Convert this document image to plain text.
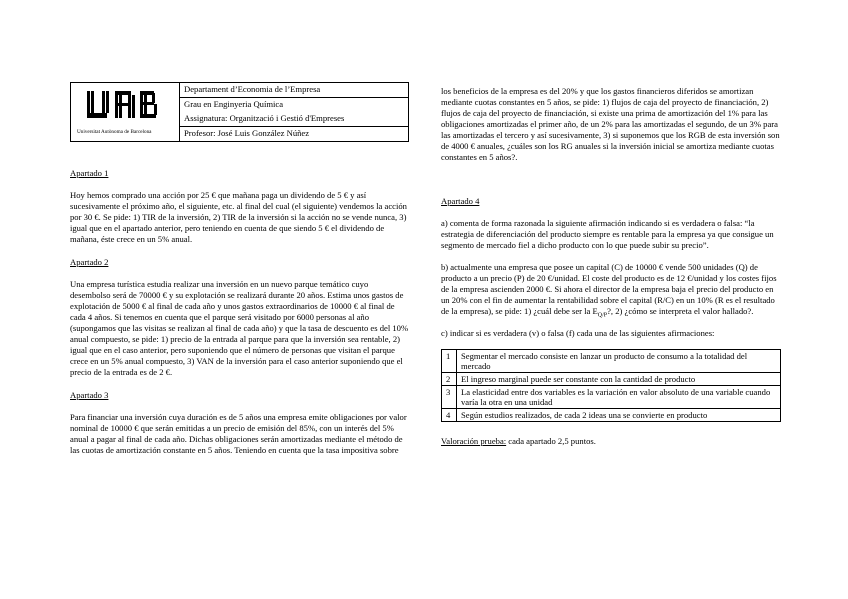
Universitat Autònoma de Barcelona
	Departament d’Economia de l’Empresa
Grau en Enginyeria Química
Assignatura: Organització i Gestió d'Empreses
Profesor: José Luis González Núñez

Apartado 1

Hoy hemos comprado una acción por 25 € que mañana paga un dividendo de 5 € y así sucesivamente el próximo año, el siguiente, etc. al final del cual (el siguiente) vendemos la acción por 30 €. Se pide: 1) TIR de la inversión, 2) TIR de la inversión si la acción no se vende nunca, 3) igual que en el apartado anterior, pero teniendo en cuenta de que siendo 5 € el dividendo de mañana, éste crece en un 5% anual.

Apartado 2

Una empresa turística estudia realizar una inversión en un nuevo parque temático cuyo desembolso será de 70000 € y su explotación se realizará durante 20 años. Estima unos gastos de explotación de 5000 € al final de cada año y unos gastos extraordinarios de 10000 € al final de cada 4 años. Si tenemos en cuenta que el parque será visitado por 6000 personas al año (supongamos que las visitas se realizan al final de cada año) y que la tasa de descuento es del 10% anual compuesto, se pide: 1) precio de la entrada al parque para que la inversión sea rentable, 2) igual que en el caso anterior, pero suponiendo que el número de personas que visitan el parque crece en un 5% anual compuesto, 3) VAN de la inversión para el caso anterior suponiendo que el precio de la entrada es de 2 €.

Apartado 3

Para financiar una inversión cuya duración es de 5 años una empresa emite obligaciones por valor nominal de 10000 € que serán emitidas a un precio de emisión del 85%, con un interés del 5% anual a pagar al final de cada año. Dichas obligaciones serán amortizadas mediante el método de las cuotas de amortización constante en 5 años. Teniendo en cuenta que la tasa impositiva sobre

los beneficios de la empresa es del 20% y que los gastos financieros diferidos se amortizan mediante cuotas constantes en 5 años, se pide: 1) flujos de caja del proyecto de financiación, 2) flujos de caja del proyecto de financiación, si existe una prima de amortización del 1% para las obligaciones amortizadas el primer año, de un 2% para las amortizadas el segundo, de un 3% para las amortizadas el tercero y así sucesivamente, 3) si suponemos que los RGB de esta inversión son de 4000 € anuales, ¿cuáles son los RG anuales si la inversión inicial se amortiza mediante cuotas constantes en 5 años?.

Apartado 4

a) comenta de forma razonada la siguiente afirmación indicando si es verdadera o falsa: “la estrategia de diferenciación del producto siempre es rentable para la empresa ya que consigue un segmento de mercado fiel a dicho producto con lo que puede subir su precio”.

b) actualmente una empresa que posee un capital (C) de 10000 € vende 500 unidades (Q) de producto a un precio (P) de 20 €/unidad. El coste del producto es de 12 €/unidad y los costes fijos de la empresa ascienden 2000 €. Si ahora el director de la empresa baja el precio del producto en un 20% con el fin de aumentar la rentabilidad sobre el capital (R/C) en un 10% (R es el resultado de la empresa), se pide: 1) ¿cuál debe ser la $E_{Q/P}$?, 2) ¿cómo se interpreta el valor hallado?.

c) indicar si es verdadera (v) o falsa (f) cada una de las siguientes afirmaciones:

1	Segmentar el mercado consiste en lanzar un producto de consumo a la totalidad del mercado
2	El ingreso marginal puede ser constante con la cantidad de producto
3	La elasticidad entre dos variables es la variación en valor absoluto de una variable cuando varía la otra en una unidad
4	Según estudios realizados, de cada 2 ideas una se convierte en producto

Valoración prueba: cada apartado 2,5 puntos.
